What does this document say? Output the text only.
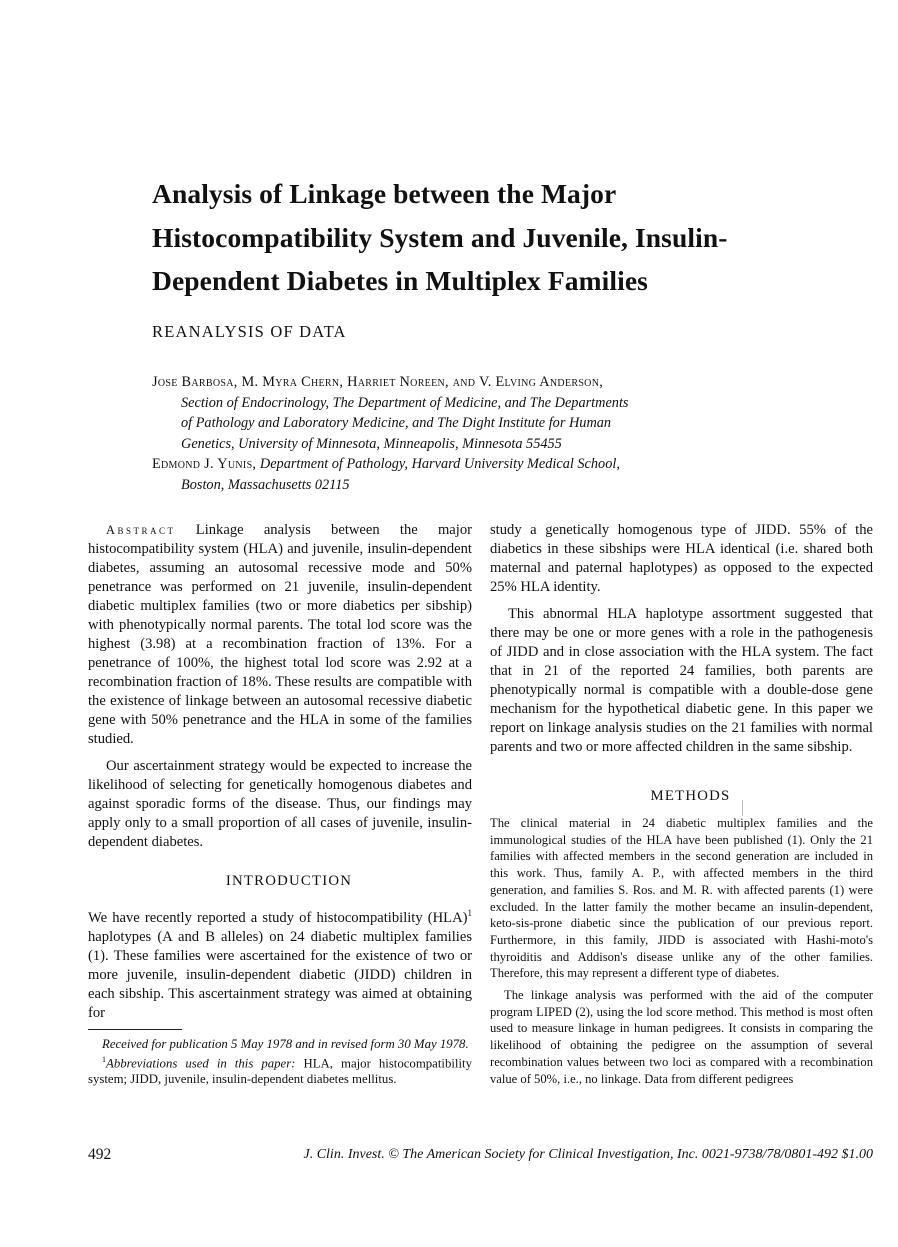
Analysis of Linkage between the Major
Histocompatibility System and Juvenile, Insulin-
Dependent Diabetes in Multiplex Families
REANALYSIS OF DATA
Jose Barbosa, M. Myra Chern, Harriet Noreen, and V. Elving Anderson,
Section of Endocrinology, The Department of Medicine, and The Departments
of Pathology and Laboratory Medicine, and The Dight Institute for Human
Genetics, University of Minnesota, Minneapolis, Minnesota 55455
Edmond J. Yunis, Department of Pathology, Harvard University Medical School,
Boston, Massachusetts 02115

Abstract Linkage analysis between the major histocompatibility system (HLA) and juvenile, insulin-dependent diabetes, assuming an autosomal recessive mode and 50% penetrance was performed on 21 juvenile, insulin-dependent diabetic multiplex families (two or more diabetics per sibship) with phenotypically normal parents. The total lod score was the highest (3.98) at a recombination fraction of 13%. For a penetrance of 100%, the highest total lod score was 2.92 at a recombination fraction of 18%. These results are compatible with the existence of linkage between an autosomal recessive diabetic gene with 50% penetrance and the HLA in some of the families studied.

Our ascertainment strategy would be expected to increase the likelihood of selecting for genetically homogenous diabetes and against sporadic forms of the disease. Thus, our findings may apply only to a small proportion of all cases of juvenile, insulin-dependent diabetes.

INTRODUCTION

We have recently reported a study of histocompatibility (HLA)$^1$ haplotypes (A and B alleles) on 24 diabetic multiplex families (1). These families were ascertained for the existence of two or more juvenile, insulin-dependent diabetic (JIDD) children in each sibship. This ascertainment strategy was aimed at obtaining for

Received for publication 5 May 1978 and in revised form 30 May 1978.

$^1$Abbreviations used in this paper: HLA, major histocompatibility system; JIDD, juvenile, insulin-dependent diabetes mellitus.

study a genetically homogenous type of JIDD. 55% of the diabetics in these sibships were HLA identical (i.e. shared both maternal and paternal haplotypes) as opposed to the expected 25% HLA identity.

This abnormal HLA haplotype assortment suggested that there may be one or more genes with a role in the pathogenesis of JIDD and in close association with the HLA system. The fact that in 21 of the reported 24 families, both parents are phenotypically normal is compatible with a double-dose gene mechanism for the hypothetical diabetic gene. In this paper we report on linkage analysis studies on the 21 families with normal parents and two or more affected children in the same sibship.

METHODS

The clinical material in 24 diabetic multiplex families and the immunological studies of the HLA have been published (1). Only the 21 families with affected members in the second generation are included in this work. Thus, family A. P., with affected members in the third generation, and families S. Ros. and M. R. with affected parents (1) were excluded. In the latter family the mother became an insulin-dependent, keto-sis-prone diabetic since the publication of our previous report. Furthermore, in this family, JIDD is associated with Hashi-moto's thyroiditis and Addison's disease unlike any of the other families. Therefore, this may represent a different type of diabetes.

The linkage analysis was performed with the aid of the computer program LIPED (2), using the lod score method. This method is most often used to measure linkage in human pedigrees. It consists in comparing the likelihood of obtaining the pedigree on the assumption of several recombination values between two loci as compared with a recombination value of 50%, i.e., no linkage. Data from different pedigrees

492	J. Clin. Invest. © The American Society for Clinical Investigation, Inc. 0021-9738/78/0801-492 $1.00
